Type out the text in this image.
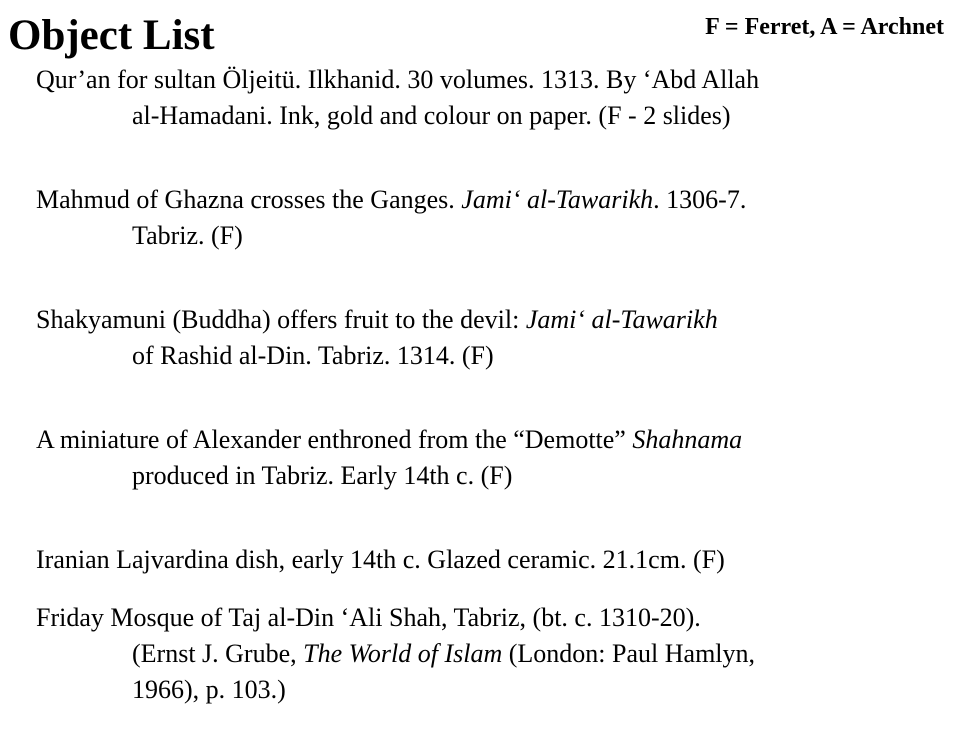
Object List	F = Ferret, A = Archnet
Qur’an for sultan Öljeitü. Ilkhanid. 30 volumes. 1313. By ‘Abd Allah
al-Hamadani. Ink, gold and colour on paper. (F - 2 slides)
Mahmud of Ghazna crosses the Ganges. Jami‘ al-Tawarikh. 1306-7.
Tabriz. (F)
Shakyamuni (Buddha) offers fruit to the devil: Jami‘ al-Tawarikh
of Rashid al-Din. Tabriz. 1314. (F)
A miniature of Alexander enthroned from the “Demotte” Shahnama
produced in Tabriz. Early 14th c. (F)
Iranian Lajvardina dish, early 14th c. Glazed ceramic. 21.1cm. (F)
Friday Mosque of Taj al-Din ‘Ali Shah, Tabriz, (bt. c. 1310-20).
(Ernst J. Grube, The World of Islam (London: Paul Hamlyn,
1966), p. 103.)
